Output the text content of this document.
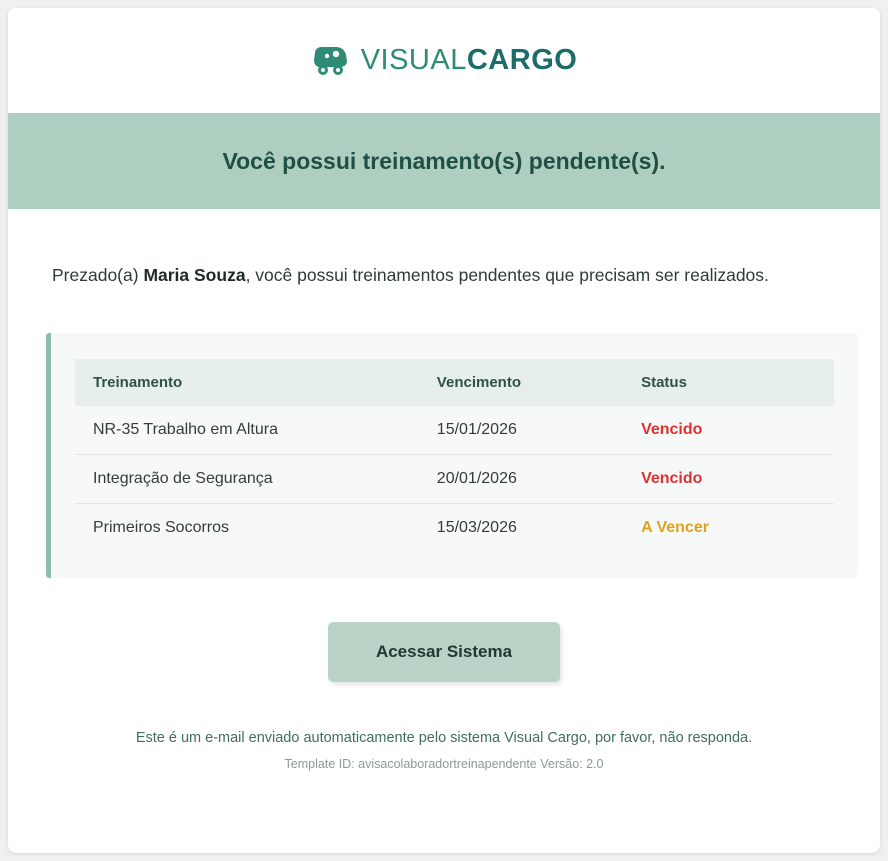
VISUALCARGO
Você possui treinamento(s) pendente(s).

Prezado(a) Maria Souza, você possui treinamentos pendentes que precisam ser realizados.

Treinamento	Vencimento	Status
NR-35 Trabalho em Altura	15/01/2026	Vencido
Integração de Segurança	20/01/2026	Vencido
Primeiros Socorros	15/03/2026	A Vencer
Acessar Sistema
Este é um e-mail enviado automaticamente pelo sistema Visual Cargo, por favor, não responda.
Template ID: avisacolaboradortreinapendente Versão: 2.0
